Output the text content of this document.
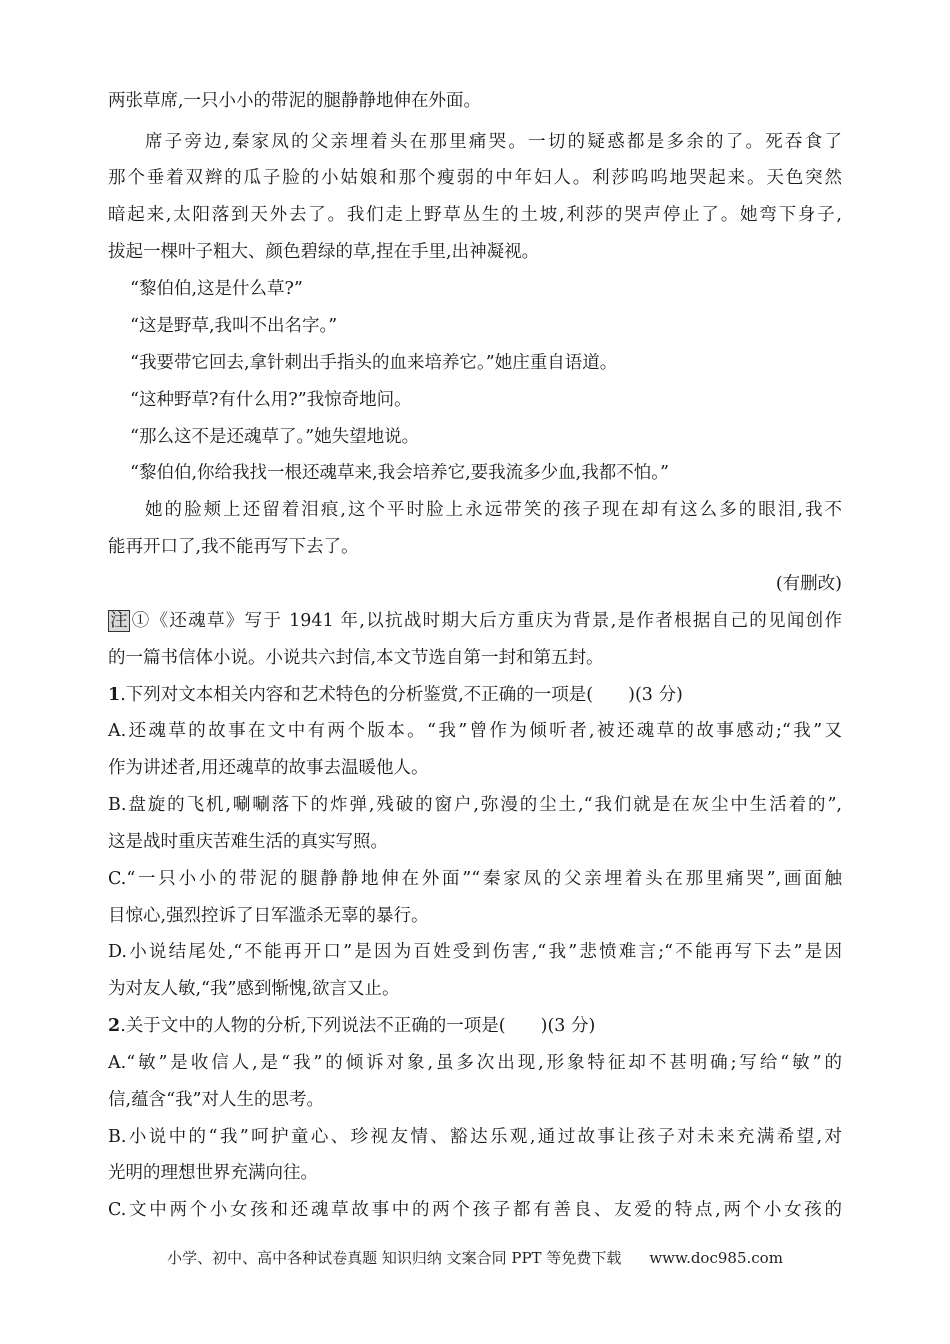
两张草席,一只小小的带泥的腿静静地伸在外面。
席子旁边,秦家凤的父亲埋着头在那里痛哭。一切的疑惑都是多余的了。死吞食了
那个垂着双辫的瓜子脸的小姑娘和那个瘦弱的中年妇人。利莎呜呜地哭起来。天色突然
暗起来,太阳落到天外去了。我们走上野草丛生的土坡,利莎的哭声停止了。她弯下身子,
拔起一棵叶子粗大、颜色碧绿的草,捏在手里,出神凝视。
“黎伯伯,这是什么草?”
“这是野草,我叫不出名字。”
“我要带它回去,拿针刺出手指头的血来培养它。”她庄重自语道。
“这种野草?有什么用?”我惊奇地问。
“那么这不是还魂草了。”她失望地说。
“黎伯伯,你给我找一根还魂草来,我会培养它,要我流多少血,我都不怕。”
她的脸颊上还留着泪痕,这个平时脸上永远带笑的孩子现在却有这么多的眼泪,我不
能再开口了,我不能再写下去了。
(有删改)
注 ①《还魂草》写于 1941 年,以抗战时期大后方重庆为背景,是作者根据自己的见闻创作
的一篇书信体小说。小说共六封信,本文节选自第一封和第五封。
1.下列对文本相关内容和艺术特色的分析鉴赏,不正确的一项是(　　)(3 分)
A.还魂草的故事在文中有两个版本。“我”曾作为倾听者,被还魂草的故事感动;“我”又
作为讲述者,用还魂草的故事去温暖他人。
B.盘旋的飞机,唰唰落下的炸弹,残破的窗户,弥漫的尘土,“我们就是在灰尘中生活着的”,
这是战时重庆苦难生活的真实写照。
C.“一只小小的带泥的腿静静地伸在外面”“秦家凤的父亲埋着头在那里痛哭”,画面触
目惊心,强烈控诉了日军滥杀无辜的暴行。
D.小说结尾处,“不能再开口”是因为百姓受到伤害,“我”悲愤难言;“不能再写下去”是因
为对友人敏,“我”感到惭愧,欲言又止。
2.关于文中的人物的分析,下列说法不正确的一项是(　　)(3 分)
A.“敏”是收信人,是“我”的倾诉对象,虽多次出现,形象特征却不甚明确;写给“敏”的
信,蕴含“我”对人生的思考。
B.小说中的“我”呵护童心、珍视友情、豁达乐观,通过故事让孩子对未来充满希望,对
光明的理想世界充满向往。
C.文中两个小女孩和还魂草故事中的两个孩子都有善良、友爱的特点,两个小女孩的
小学、初中、高中各种试卷真题 知识归纳 文案合同 PPT 等免费下载 www.doc985.com
